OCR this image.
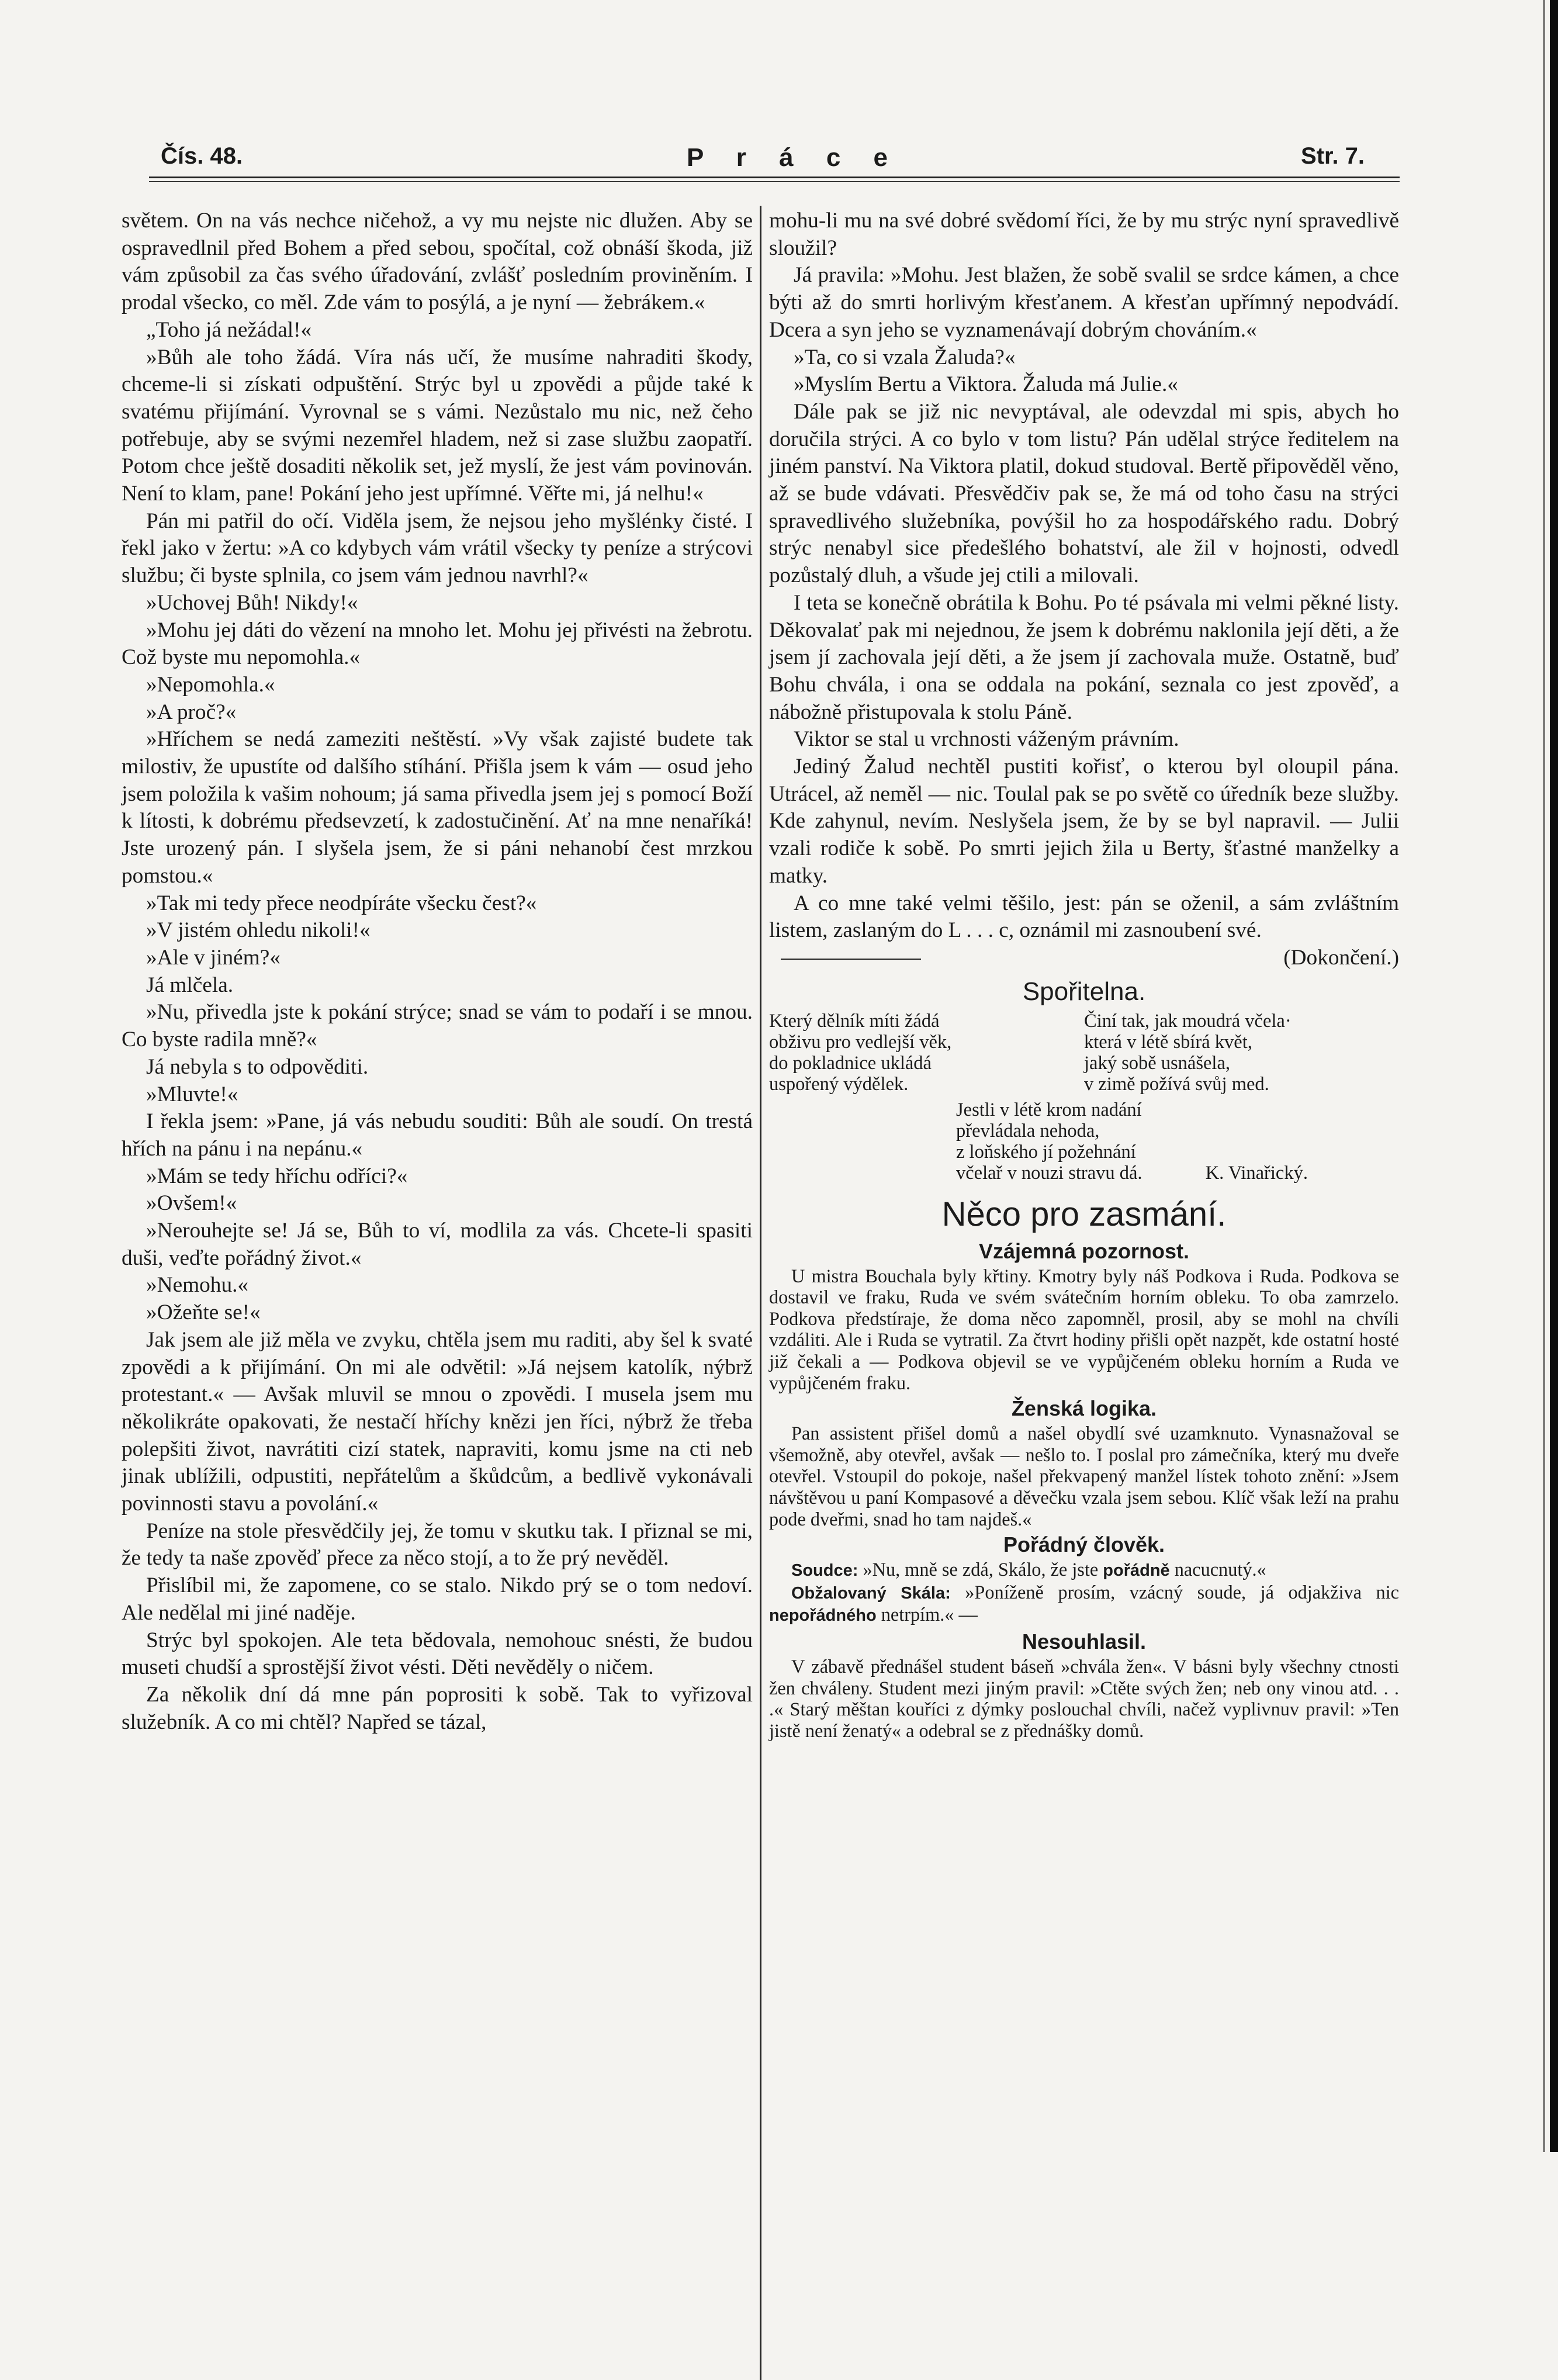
Čís. 48.	P r á c e	Str. 7.

světem. On na vás nechce ničehož, a vy mu nejste nic dlužen. Aby se ospravedlnil před Bohem a před sebou, spočítal, což obnáší škoda, již vám způsobil za čas svého úřadování, zvlášť posledním proviněním. I prodal všecko, co měl. Zde vám to posýlá, a je nyní — žebrákem.«

„Toho já nežádal!«

»Bůh ale toho žádá. Víra nás učí, že musíme nahraditi škody, chceme-li si získati odpuštění. Strýc byl u zpovědi a půjde také k svatému přijímání. Vyrovnal se s vámi. Nezůstalo mu nic, než čeho potřebuje, aby se svými nezemřel hladem, než si zase službu zaopatří. Potom chce ještě dosaditi několik set, jež myslí, že jest vám povinován. Není to klam, pane! Pokání jeho jest upřímné. Věřte mi, já nelhu!«

Pán mi patřil do očí. Viděla jsem, že nejsou jeho myšlénky čisté. I řekl jako v žertu: »A co kdybych vám vrátil všecky ty peníze a strýcovi službu; či byste splnila, co jsem vám jednou navrhl?«

»Uchovej Bůh! Nikdy!«

»Mohu jej dáti do vězení na mnoho let. Mohu jej přivésti na žebrotu. Což byste mu nepomohla.«

»Nepomohla.«

»A proč?«

»Hříchem se nedá zameziti neštěstí. »Vy však zajisté budete tak milostiv, že upustíte od dalšího stíhání. Přišla jsem k vám — osud jeho jsem položila k vašim nohoum; já sama přivedla jsem jej s pomocí Boží k lítosti, k dobrému předsevzetí, k zadostučinění. Ať na mne nenaříká! Jste urozený pán. I slyšela jsem, že si páni nehanobí čest mrzkou pomstou.«

»Tak mi tedy přece neodpíráte všecku čest?«

»V jistém ohledu nikoli!«

»Ale v jiném?«

Já mlčela.

»Nu, přivedla jste k pokání strýce; snad se vám to podaří i se mnou. Co byste radila mně?«

Já nebyla s to odpověditi.

»Mluvte!«

I řekla jsem: »Pane, já vás nebudu souditi: Bůh ale soudí. On trestá hřích na pánu i na nepánu.«

»Mám se tedy hříchu odříci?«

»Ovšem!«

»Nerouhejte se! Já se, Bůh to ví, modlila za vás. Chcete-li spasiti duši, veďte pořádný život.«

»Nemohu.«

»Ožeňte se!«

Jak jsem ale již měla ve zvyku, chtěla jsem mu raditi, aby šel k svaté zpovědi a k přijímání. On mi ale odvětil: »Já nejsem katolík, nýbrž protestant.« — Avšak mluvil se mnou o zpovědi. I musela jsem mu několikráte opakovati, že nestačí hříchy knězi jen říci, nýbrž že třeba polepšiti život, navrátiti cizí statek, napraviti, komu jsme na cti neb jinak ublížili, odpustiti, nepřátelům a škůdcům, a bedlivě vykonávali povinnosti stavu a povolání.«

Peníze na stole přesvědčily jej, že tomu v skutku tak. I přiznal se mi, že tedy ta naše zpověď přece za něco stojí, a to že prý nevěděl.

Přislíbil mi, že zapomene, co se stalo. Nikdo prý se o tom nedoví. Ale nedělal mi jiné naděje.

Strýc byl spokojen. Ale teta bědovala, nemohouc snésti, že budou museti chudší a sprostější život vésti. Děti nevěděly o ničem.

Za několik dní dá mne pán poprositi k sobě. Tak to vyřizoval služebník. A co mi chtěl? Napřed se tázal,

mohu-li mu na své dobré svědomí říci, že by mu strýc nyní spravedlivě sloužil?

Já pravila: »Mohu. Jest blažen, že sobě svalil se srdce kámen, a chce býti až do smrti horlivým křesťanem. A křesťan upřímný nepodvádí. Dcera a syn jeho se vyznamenávají dobrým chováním.«

»Ta, co si vzala Žaluda?«

»Myslím Bertu a Viktora. Žaluda má Julie.«

Dále pak se již nic nevyptával, ale odevzdal mi spis, abych ho doručila strýci. A co bylo v tom listu? Pán udělal strýce ředitelem na jiném panství. Na Viktora platil, dokud studoval. Bertě připověděl věno, až se bude vdávati. Přesvědčiv pak se, že má od toho času na strýci spravedlivého služebníka, povýšil ho za hospodářského radu. Dobrý strýc nenabyl sice předešlého bohatství, ale žil v hojnosti, odvedl pozůstalý dluh, a všude jej ctili a milovali.

I teta se konečně obrátila k Bohu. Po té psávala mi velmi pěkné listy. Děkovalať pak mi nejednou, že jsem k dobrému naklonila její děti, a že jsem jí zachovala její děti, a že jsem jí zachovala muže. Ostatně, buď Bohu chvála, i ona se oddala na pokání, seznala co jest zpověď, a nábožně přistupovala k stolu Páně.

Viktor se stal u vrchnosti váženým právním.

Jediný Žalud nechtěl pustiti kořisť, o kterou byl oloupil pána. Utrácel, až neměl — nic. Toulal pak se po světě co úředník beze služby. Kde zahynul, nevím. Neslyšela jsem, že by se byl napravil. — Julii vzali rodiče k sobě. Po smrti jejich žila u Berty, šťastné manželky a matky.

A co mne také velmi těšilo, jest: pán se oženil, a sám zvláštním listem, zaslaným do L . . . c, oznámil mi zasnoubení své.

(Dokončení.)

Spořitelna.
Který dělník míti žádá
obživu pro vedlejší věk,
do pokladnice ukládá
uspořený výdělek.
Činí tak, jak moudrá včela·
která v létě sbírá květ,
jaký sobě usnášela,
v zimě požívá svůj med.
Jestli v létě krom nadání
převládala nehoda,
z loňského jí požehnání
včelař v nouzi stravu dá.	K. Vinařický.
Něco pro zasmání.
Vzájemná pozornost.

U mistra Bouchala byly křtiny. Kmotry byly náš Podkova i Ruda. Podkova se dostavil ve fraku, Ruda ve svém svátečním horním obleku. To oba zamrzelo. Podkova předstíraje, že doma něco zapomněl, prosil, aby se mohl na chvíli vzdáliti. Ale i Ruda se vytratil. Za čtvrt hodiny přišli opět nazpět, kde ostatní hosté již čekali a — Podkova objevil se ve vypůjčeném obleku horním a Ruda ve vypůjčeném fraku.

Ženská logika.

Pan assistent přišel domů a našel obydlí své uzamknuto. Vynasnažoval se všemožně, aby otevřel, avšak — nešlo to. I poslal pro zámečníka, který mu dveře otevřel. Vstoupil do pokoje, našel překvapený manžel lístek tohoto znění: »Jsem návštěvou u paní Kompasové a děvečku vzala jsem sebou. Klíč však leží na prahu pode dveřmi, snad ho tam najdeš.«

Pořádný člověk.

Soudce: »Nu, mně se zdá, Skálo, že jste pořádně nacucnutý.«

Obžalovaný Skála: »Poníženě prosím, vzácný soude, já odjakživa nic nepořádného netrpím.« —

Nesouhlasil.

V zábavě přednášel student báseň »chvála žen«. V básni byly všechny ctnosti žen chváleny. Student mezi jiným pravil: »Ctěte svých žen; neb ony vinou atd. . . .« Starý měštan kouříci z dýmky poslouchal chvíli, načež vyplivnuv pravil: »Ten jistě není ženatý« a odebral se z přednášky domů.
